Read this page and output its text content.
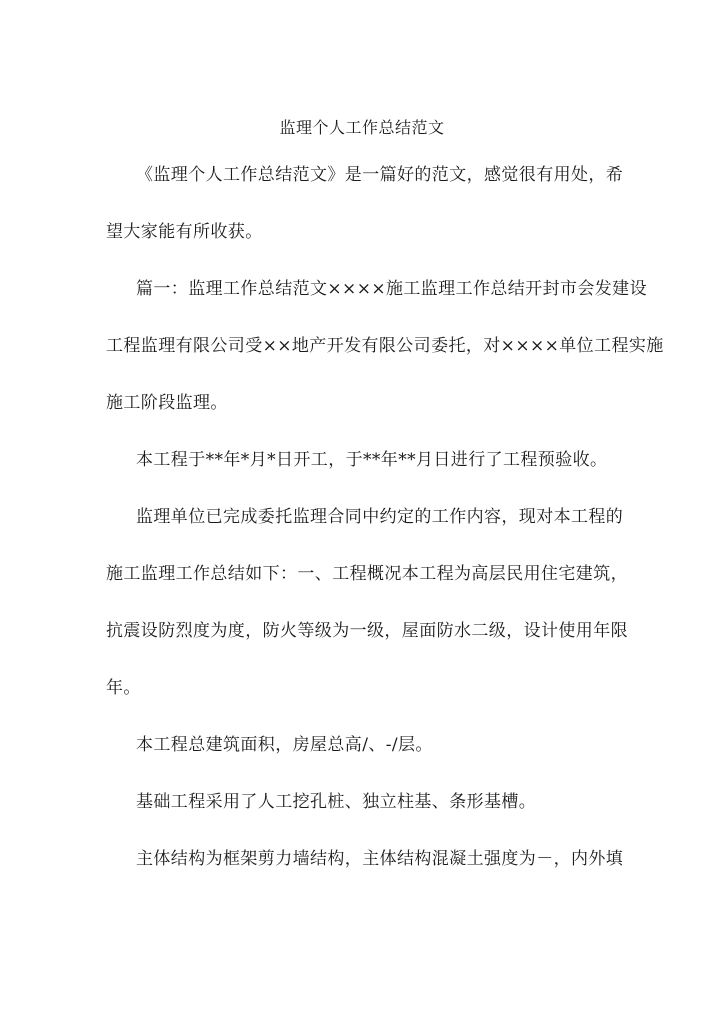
监理个人工作总结范文
《监理个人工作总结范文》是一篇好的范文，感觉很有用处，希
望大家能有所收获。
篇一：监理工作总结范文××××施工监理工作总结开封市会发建设
工程监理有限公司受××地产开发有限公司委托，对××××单位工程实施
施工阶段监理。
本工程于**年*月*日开工，于**年**月日进行了工程预验收。
监理单位已完成委托监理合同中约定的工作内容，现对本工程的
施工监理工作总结如下：一、工程概况本工程为高层民用住宅建筑，
抗震设防烈度为度，防火等级为一级，屋面防水二级，设计使用年限
年。
本工程总建筑面积，房屋总高/、-/层。
基础工程采用了人工挖孔桩、独立柱基、条形基槽。
主体结构为框架剪力墙结构，主体结构混凝土强度为－，内外填
